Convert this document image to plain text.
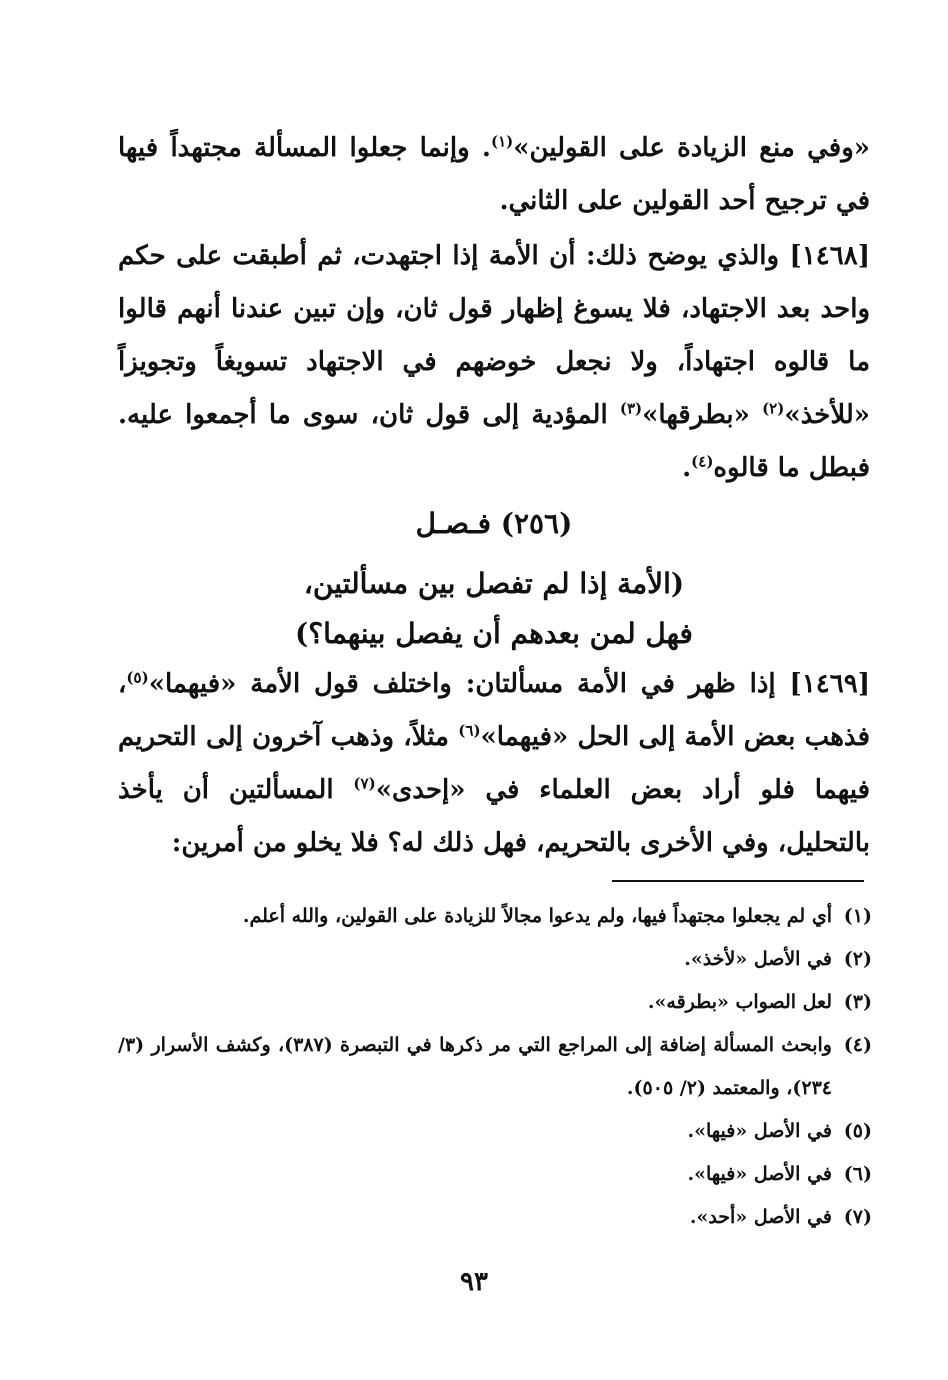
«وفي منع الزيادة على القولين»$^{(١)}$. وإنما جعلوا المسألة مجتهداً فيها في ترجيح أحد القولين على الثاني.

[١٤٦٨] والذي يوضح ذلك: أن الأمة إذا اجتهدت، ثم أطبقت على حكم واحد بعد الاجتهاد، فلا يسوغ إظهار قول ثان، وإن تبين عندنا أنهم قالوا ما قالوه اجتهاداً، ولا نجعل خوضهم في الاجتهاد تسويغاً وتجويزاً «للأخذ»$^{(٢)}$ «بطرقها»$^{(٣)}$ المؤدية إلى قول ثان، سوى ما أجمعوا عليه. فبطل ما قالوه$^{(٤)}$.

(٢٥٦) فـصـل
(الأمة إذا لم تفصل بين مسألتين،
فهل لمن بعدهم أن يفصل بينهما؟)

[١٤٦٩] إذا ظهر في الأمة مسألتان: واختلف قول الأمة «فيهما»$^{(٥)}$، فذهب بعض الأمة إلى الحل «فيهما»$^{(٦)}$ مثلاً، وذهب آخرون إلى التحريم فيهما فلو أراد بعض العلماء في «إحدى»$^{(٧)}$ المسألتين أن يأخذ بالتحليل، وفي الأخرى بالتحريم، فهل ذلك له؟ فلا يخلو من أمرين:

(١)
أي لم يجعلوا مجتهداً فيها، ولم يدعوا مجالاً للزيادة على القولين، والله أعلم.
(٢)
في الأصل «لأخذ».
(٣)
لعل الصواب «بطرقه».
(٤)
وابحث المسألة إضافة إلى المراجع التي مر ذكرها في التبصرة (٣٨٧)، وكشف الأسرار (٣/ ٢٣٤)، والمعتمد (٢/ ٥٠٥).
(٥)
في الأصل «فيها».
(٦)
في الأصل «فيها».
(٧)
في الأصل «أحد».
٩٣
